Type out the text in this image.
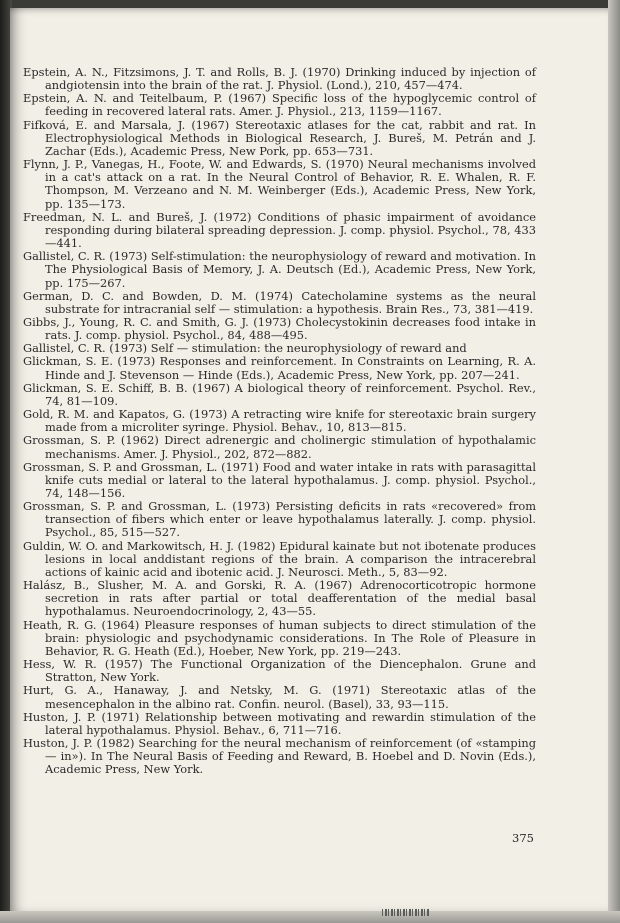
Epstein, A. N., Fitzsimons, J. T. and Rolls, B. J. (1970) Drinking induced by injection of andgiotensin into the brain of the rat. J. Physiol. (Lond.), 210, 457—474.
Epstein, A. N. and Teitelbaum, P. (1967) Specific loss of the hypoglycemic control of feeding in recovered lateral rats. Amer. J. Physiol., 213, 1159—1167.
Fifková, E. and Marsala, J. (1967) Stereotaxic atlases for the cat, rabbit and rat. In Electrophysiological Methods in Biological Research, J. Bureš, M. Petrán and J. Zachar (Eds.), Academic Press, New Pork, pp. 653—731.
Flynn, J. P., Vanegas, H., Foote, W. and Edwards, S. (1970) Neural mechanisms involved in a cat's attack on a rat. In the Neural Control of Behavior, R. E. Whalen, R. F. Thompson, M. Verzeano and N. M. Weinberger (Eds.), Academic Press, New York, pp. 135—173.
Freedman, N. L. and Bureš, J. (1972) Conditions of phasic impairment of avoidance responding during bilateral spreading depression. J. comp. physiol. Psychol., 78, 433—441.
Gallistel, C. R. (1973) Self-stimulation: the neurophysiology of reward and motivation. In The Physiological Basis of Memory, J. A. Deutsch (Ed.), Academic Press, New York, pp. 175—267.
German, D. C. and Bowden, D. M. (1974) Catecholamine systems as the neural substrate for intracranial self — stimulation: a hypothesis. Brain Res., 73, 381—419.
Gibbs, J., Young, R. C. and Smith, G. J. (1973) Cholecystokinin decreases food intake in rats. J. comp. physiol. Psychol., 84, 488—495.
Gallistel, C. R. (1973) Self — stimulation: the neurophysiology of reward and
Glickman, S. E. (1973) Responses and reinforcement. In Constraints on Learning, R. A. Hinde and J. Stevenson — Hinde (Eds.), Academic Press, New York, pp. 207—241.
Glickman, S. E. Schiff, B. B. (1967) A biological theory of reinforcement. Psychol. Rev., 74, 81—109.
Gold, R. M. and Kapatos, G. (1973) A retracting wire knife for stereotaxic brain surgery made from a microliter syringe. Physiol. Behav., 10, 813—815.
Grossman, S. P. (1962) Direct adrenergic and cholinergic stimulation of hypothalamic mechanisms. Amer. J. Physiol., 202, 872—882.
Grossman, S. P. and Grossman, L. (1971) Food and water intake in rats with parasagittal knife cuts medial or lateral to the lateral hypothalamus. J. comp. physiol. Psychol., 74, 148—156.
Grossman, S. P. and Grossman, L. (1973) Persisting deficits in rats «recovered» from transection of fibers which enter or leave hypothalamus laterally. J. comp. physiol. Psychol., 85, 515—527.
Guldin, W. O. and Markowitsch, H. J. (1982) Epidural kainate but not ibotenate produces lesions in local anddistant regions of the brain. A comparison the intracerebral actions of kainic acid and ibotenic acid. J. Neurosci. Meth., 5, 83—92.
Halász, B., Slusher, M. A. and Gorski, R. A. (1967) Adrenocorticotropic hormone secretion in rats after partial or total deafferentation of the medial basal hypothalamus. Neuroendocrinology, 2, 43—55.
Heath, R. G. (1964) Pleasure responses of human subjects to direct stimulation of the brain: physiologic and psychodynamic considerations. In The Role of Pleasure in Behavior, R. G. Heath (Ed.), Hoeber, New York, pp. 219—243.
Hess, W. R. (1957) The Functional Organization of the Diencephalon. Grune and Stratton, New York.
Hurt, G. A., Hanaway, J. and Netsky, M. G. (1971) Stereotaxic atlas of the mesencephalon in the albino rat. Confin. neurol. (Basel), 33, 93—115.
Huston, J. P. (1971) Relationship between motivating and rewardin stimulation of the lateral hypothalamus. Physiol. Behav., 6, 711—716.
Huston, J. P. (1982) Searching for the neural mechanism of reinforcement (of «stamping — in»). In The Neural Basis of Feeding and Reward, B. Hoebel and D. Novin (Eds.), Academic Press, New York.
375
